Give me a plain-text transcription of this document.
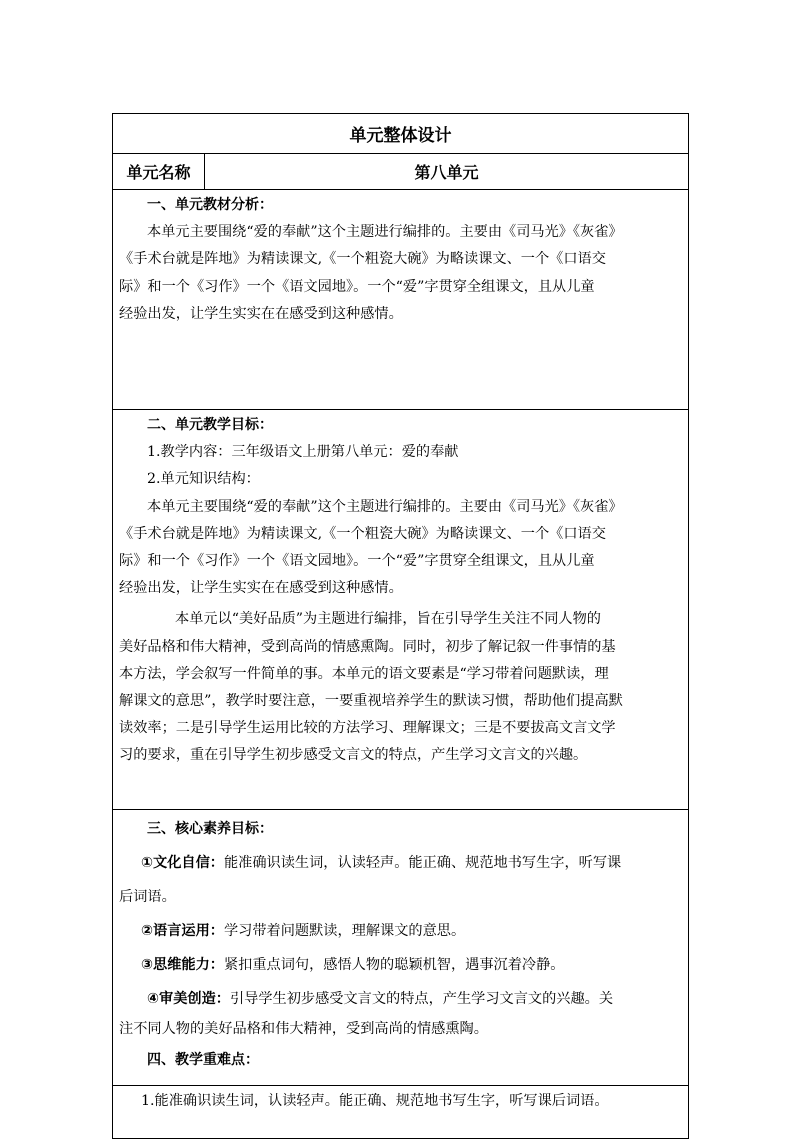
单元整体设计
单元名称	第八单元
一、单元教材分析：
本单元主要围绕“爱的奉献”这个主题进行编排的。主要由《司马光》《灰雀》
《手术台就是阵地》为精读课文,《一个粗瓷大碗》为略读课文、一个《口语交
际》和一个《习作》一个《语文园地》。一个“爱”字贯穿全组课文，且从儿童
经验出发，让学生实实在在感受到这种感情。
二、单元教学目标：
1.教学内容：三年级语文上册第八单元：爱的奉献
2.单元知识结构：
本单元主要围绕“爱的奉献”这个主题进行编排的。主要由《司马光》《灰雀》
《手术台就是阵地》为精读课文,《一个粗瓷大碗》为略读课文、一个《口语交
际》和一个《习作》一个《语文园地》。一个“爱”字贯穿全组课文，且从儿童
经验出发，让学生实实在在感受到这种感情。
本单元以“美好品质”为主题进行编排，旨在引导学生关注不同人物的
美好品格和伟大精神，受到高尚的情感熏陶。同时，初步了解记叙一件事情的基
本方法，学会叙写一件简单的事。本单元的语文要素是“学习带着问题默读，理
解课文的意思”，教学时要注意，一要重视培养学生的默读习惯，帮助他们提高默
读效率；二是引导学生运用比较的方法学习、理解课文；三是不要拔高文言文学
习的要求，重在引导学生初步感受文言文的特点，产生学习文言文的兴趣。
三、核心素养目标：
①文化自信：能准确识读生词，认读轻声。能正确、规范地书写生字，听写课
后词语。
②语言运用：学习带着问题默读，理解课文的意思。
③思维能力：紧扣重点词句，感悟人物的聪颖机智，遇事沉着冷静。
④审美创造：引导学生初步感受文言文的特点，产生学习文言文的兴趣。关
注不同人物的美好品格和伟大精神，受到高尚的情感熏陶。
四、教学重难点：
1.能准确识读生词，认读轻声。能正确、规范地书写生字，听写课后词语。
